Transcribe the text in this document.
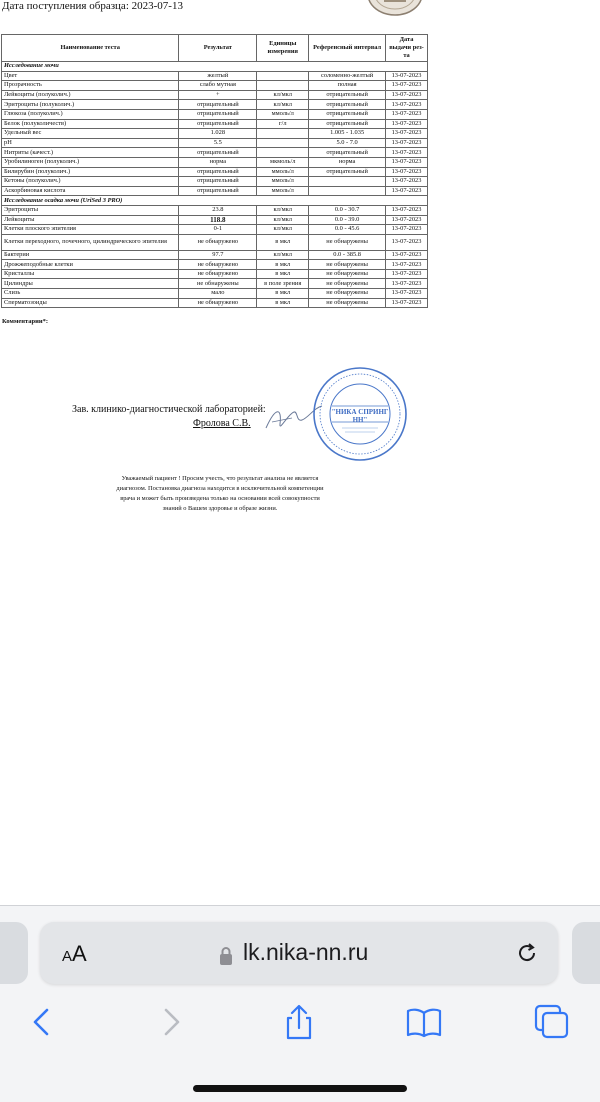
Дата поступления образца: 2023-07-13
Наименование теста	Результат	Единицы измерения	Референсный интервал	Дата выдачи рез-та
Исследование мочи				
Цвет	желтый		соломенно-желтый	13-07-2023
Прозрачность	слабо мутная		полная	13-07-2023
Лейкоциты (полуколич.)	+	кл/мкл	отрицательный	13-07-2023
Эритроциты (полуколич.)	отрицательный	кл/мкл	отрицательный	13-07-2023
Глюкоза (полуколич.)	отрицательный	ммоль/л	отрицательный	13-07-2023
Белок (полуколичеств)	отрицательный	г/л	отрицательный	13-07-2023
Удельный вес	1.028		1.005 - 1.035	13-07-2023
pH	5.5		5.0 - 7.0	13-07-2023
Нитриты (качест.)	отрицательный		отрицательный	13-07-2023
Уробилиноген (полуколич.)	норма	мкмоль/л	норма	13-07-2023
Билирубин (полуколич.)	отрицательный	ммоль/л	отрицательный	13-07-2023
Кетоны (полуколич.)	отрицательный	ммоль/л		13-07-2023
Аскорбиновая кислота	отрицательный	ммоль/л		13-07-2023
Исследование осадка мочи (UriSed 3 PRO)				
Эритроциты	23.8	кл/мкл	0.0 - 30.7	13-07-2023
Лейкоциты	118.8	кл/мкл	0.0 - 39.0	13-07-2023
Клетки плоского эпителия	0-1	кл/мкл	0.0 - 45.6	13-07-2023
Клетки переходного, почечного, цилиндрического эпителия	не обнаружено	в мкл	не обнаружены	13-07-2023
Бактерии	97.7	кл/мкл	0.0 - 385.8	13-07-2023
Дрожжеподобные клетки	не обнаружено	в мкл	не обнаружены	13-07-2023
Кристаллы	не обнаружено	в мкл	не обнаружены	13-07-2023
Цилиндры	не обнаружены	в поле зрения	не обнаружены	13-07-2023
Слизь	мало	в мкл	не обнаружены	13-07-2023
Сперматозоиды	не обнаружено	в мкл	не обнаружены	13-07-2023
Комментарии*:
Зав. клинико-диагностической лабораторией:
Фролова С.В.
"НИКА СПРИНГ НН"
Уважаемый пациент ! Просим учесть, что результат анализа не является
диагнозом. Постановка диагноза находится в исключительной компетенции
врача и может быть произведена только на основании всей совокупности
знаний о Вашем здоровье и образе жизни.
AA	lk.nika-nn.ru
